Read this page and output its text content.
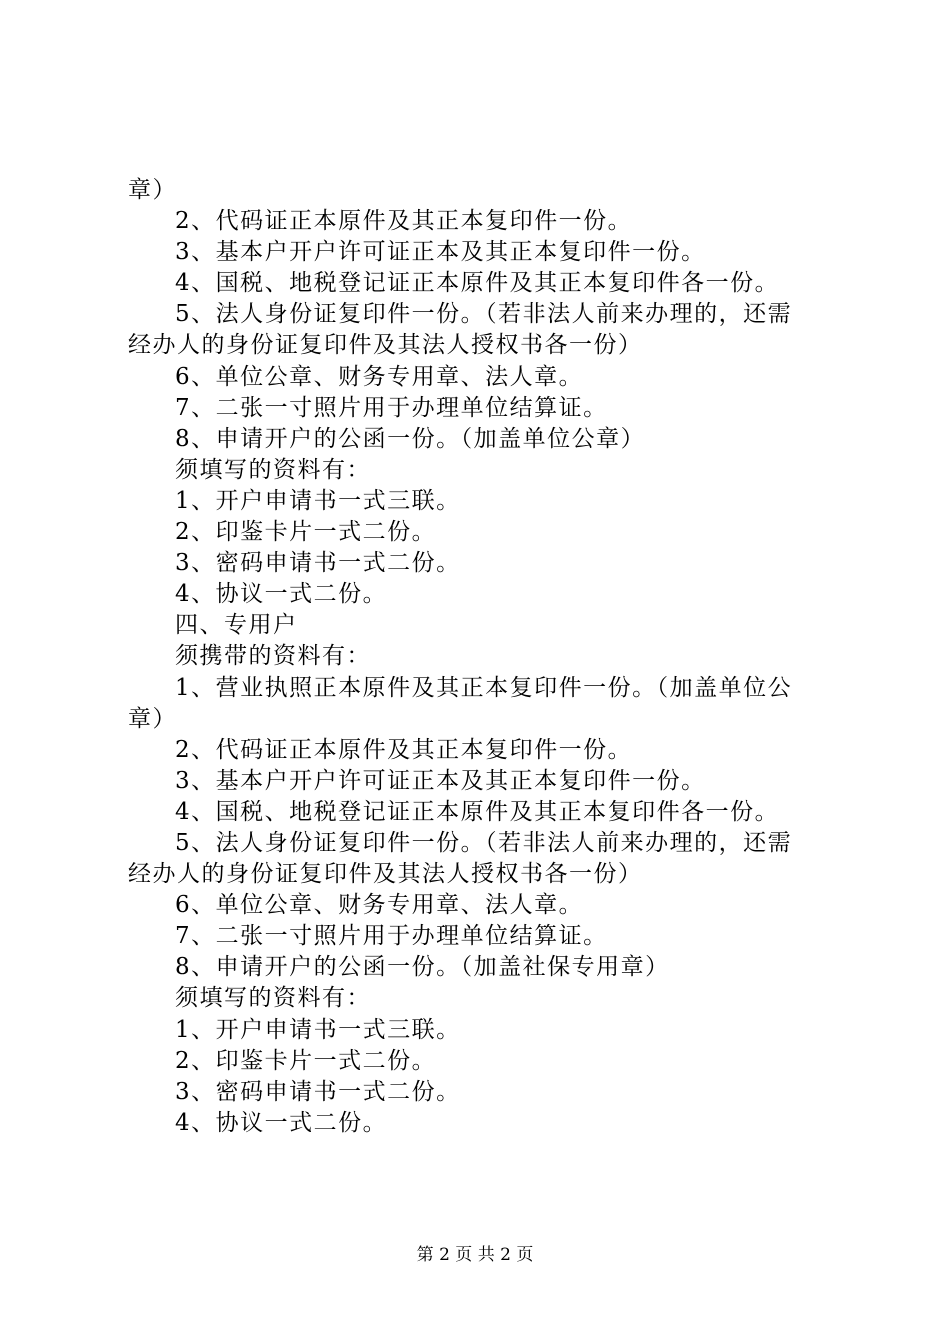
章）
2、代码证正本原件及其正本复印件一份。
3、基本户开户许可证正本及其正本复印件一份。
4、国税、地税登记证正本原件及其正本复印件各一份。
5、法人身份证复印件一份。（若非法人前来办理的，还需
经办人的身份证复印件及其法人授权书各一份）
6、单位公章、财务专用章、法人章。
7、二张一寸照片用于办理单位结算证。
8、申请开户的公函一份。（加盖单位公章）
须填写的资料有：
1、开户申请书一式三联。
2、印鉴卡片一式二份。
3、密码申请书一式二份。
4、协议一式二份。
四、专用户
须携带的资料有：
1、营业执照正本原件及其正本复印件一份。（加盖单位公
章）
2、代码证正本原件及其正本复印件一份。
3、基本户开户许可证正本及其正本复印件一份。
4、国税、地税登记证正本原件及其正本复印件各一份。
5、法人身份证复印件一份。（若非法人前来办理的，还需
经办人的身份证复印件及其法人授权书各一份）
6、单位公章、财务专用章、法人章。
7、二张一寸照片用于办理单位结算证。
8、申请开户的公函一份。（加盖社保专用章）
须填写的资料有：
1、开户申请书一式三联。
2、印鉴卡片一式二份。
3、密码申请书一式二份。
4、协议一式二份。
第 2 页 共 2 页
